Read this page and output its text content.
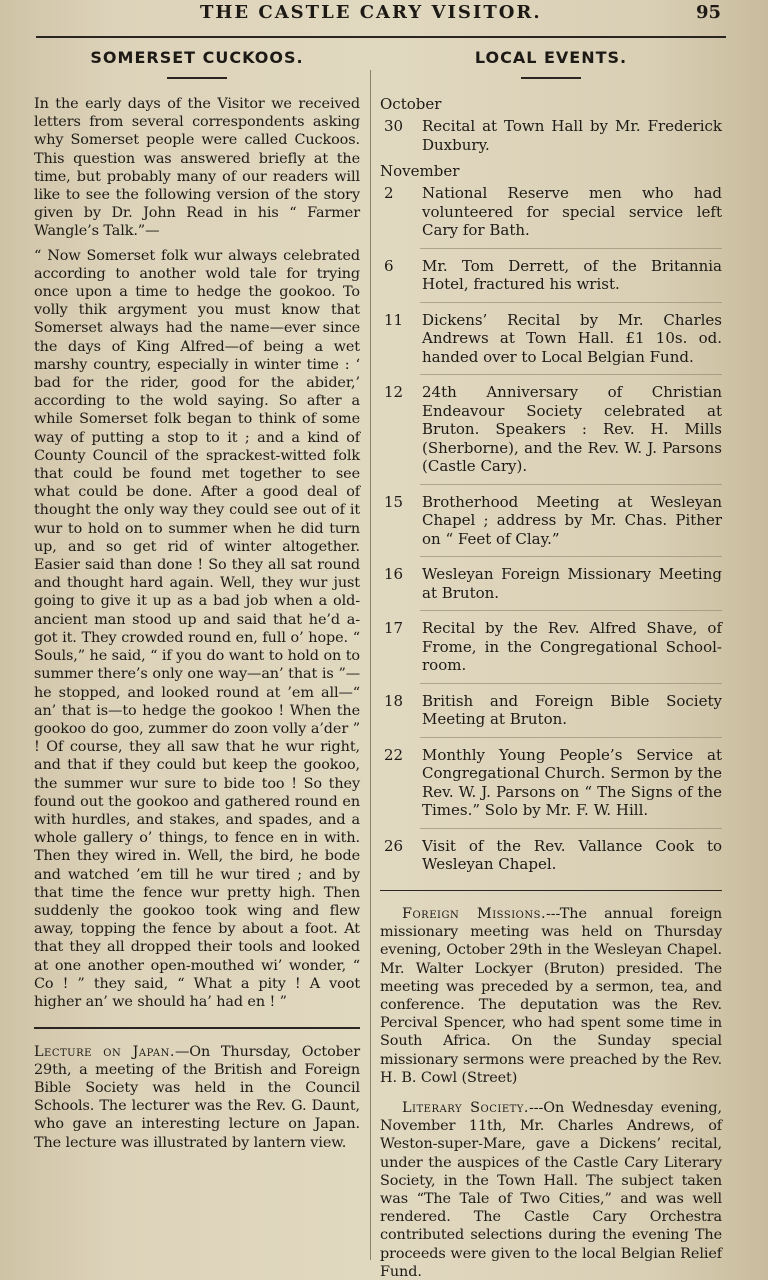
THE CASTLE CARY VISITOR.	95
SOMERSET CUCKOOS.

In the early days of the Visitor we received letters from several correspondents asking why Somerset people were called Cuckoos. This question was answered briefly at the time, but probably many of our readers will like to see the following version of the story given by Dr. John Read in his “ Farmer Wangle’s Talk.”—

“ Now Somerset folk wur always celebrated according to another wold tale for trying once upon a time to hedge the gookoo. To volly thik argyment you must know that Somerset always had the name—ever since the days of King Alfred—of being a wet marshy country, especially in winter time : ‘ bad for the rider, good for the abider,’ according to the wold saying. So after a while Somerset folk began to think of some way of putting a stop to it ; and a kind of County Council of the sprackest-witted folk that could be found met together to see what could be done. After a good deal of thought the only way they could see out of it wur to hold on to summer when he did turn up, and so get rid of winter altogether. Easier said than done ! So they all sat round and thought hard again. Well, they wur just going to give it up as a bad job when a old-ancient man stood up and said that he’d a-got it. They crowded round en, full o’ hope. “ Souls,” he said, “ if you do want to hold on to summer there’s only one way—an’ that is ”—he stopped, and looked round at ’em all—“ an’ that is—to hedge the gookoo ! When the gookoo do goo, zummer do zoon volly a’der ” ! Of course, they all saw that he wur right, and that if they could but keep the gookoo, the summer wur sure to bide too ! So they found out the gookoo and gathered round en with hurdles, and stakes, and spades, and a whole gallery o’ things, to fence en in with. Then they wired in. Well, the bird, he bode and watched ’em till he wur tired ; and by that time the fence wur pretty high. Then suddenly the gookoo took wing and flew away, topping the fence by about a foot. At that they all dropped their tools and looked at one another open-mouthed wi’ wonder, “ Co ! ” they said, “ What a pity ! A voot higher an’ we should ha’ had en ! ”

Lecture on Japan.—On Thursday, October 29th, a meeting of the British and Foreign Bible Society was held in the Council Schools. The lecturer was the Rev. G. Daunt, who gave an interesting lecture on Japan. The lecture was illustrated by lantern view.

LOCAL EVENTS.
October
30	Recital at Town Hall by Mr. Frederick Duxbury.
November
2	National Reserve men who had volunteered for special service left Cary for Bath.
6	Mr. Tom Derrett, of the Britannia Hotel, fractured his wrist.
11	Dickens’ Recital by Mr. Charles Andrews at Town Hall. £1 10s. od. handed over to Local Belgian Fund.
12	24th Anniversary of Christian Endeavour Society celebrated at Bruton. Speakers : Rev. H. Mills (Sherborne), and the Rev. W. J. Parsons (Castle Cary).
15	Brotherhood Meeting at Wesleyan Chapel ; address by Mr. Chas. Pither on “ Feet of Clay.”
16	Wesleyan Foreign Missionary Meeting at Bruton.
17	Recital by the Rev. Alfred Shave, of Frome, in the Congregational School-room.
18	British and Foreign Bible Society Meeting at Bruton.
22	Monthly Young People’s Service at Congregational Church. Sermon by the Rev. W. J. Parsons on “ The Signs of the Times.” Solo by Mr. F. W. Hill.
26	Visit of the Rev. Vallance Cook to Wesleyan Chapel.

Foreign Missions.---The annual foreign missionary meeting was held on Thursday evening, October 29th in the Wesleyan Chapel. Mr. Walter Lockyer (Bruton) presided. The meeting was preceded by a sermon, tea, and conference. The deputation was the Rev. Percival Spencer, who had spent some time in South Africa. On the Sunday special missionary sermons were preached by the Rev. H. B. Cowl (Street)

Literary Society.---On Wednesday evening, November 11th, Mr. Charles Andrews, of Weston-super-Mare, gave a Dickens’ recital, under the auspices of the Castle Cary Literary Society, in the Town Hall. The subject taken was “The Tale of Two Cities,” and was well rendered. The Castle Cary Orchestra contributed selections during the evening The proceeds were given to the local Belgian Relief Fund.
